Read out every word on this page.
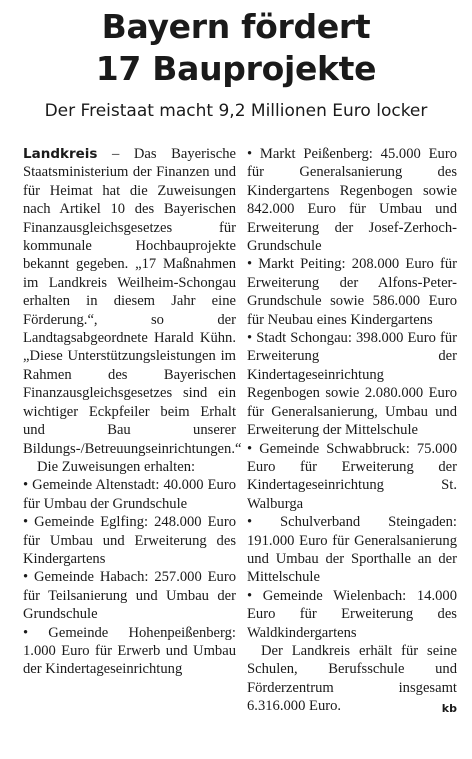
Bayern fördert
17 Bauprojekte
Der Freistaat macht 9,2 Millionen Euro locker

Landkreis – Das Bayerische Staatsministerium der Finanzen und für Heimat hat die Zuweisungen nach Artikel 10 des Bayerischen Finanzausgleichsgesetzes für kommunale Hochbauprojekte bekannt gegeben. „17 Maßnahmen im Landkreis Weilheim-Schongau erhalten in diesem Jahr eine Förderung.“, so der Landtagsabgeordnete Harald Kühn. „Diese Unterstützungsleistungen im Rahmen des Bayerischen Finanzausgleichsgesetzes sind ein wichtiger Eckpfeiler beim Erhalt und Bau unserer Bildungs-/Betreuungseinrichtungen.“

Die Zuweisungen erhalten:

• Gemeinde Altenstadt: 40.000 Euro für Umbau der Grundschule

• Gemeinde Eglfing: 248.000 Euro für Umbau und Erweiterung des Kindergartens

• Gemeinde Habach: 257.000 Euro für Teilsanierung und Umbau der Grundschule

• Gemeinde Hohenpeißenberg: 1.000 Euro für Erwerb und Umbau der Kindertageseinrichtung

• Markt Peißenberg: 45.000 Euro für Generalsanierung des Kindergartens Regenbogen sowie 842.000 Euro für Umbau und Erweiterung der Josef-Zerhoch-Grundschule

• Markt Peiting: 208.000 Euro für Erweiterung der Alfons-Peter-Grundschule sowie 586.000 Euro für Neubau eines Kindergartens

• Stadt Schongau: 398.000 Euro für Erweiterung der Kindertageseinrichtung Regenbogen sowie 2.080.000 Euro für Generalsanierung, Umbau und Erweiterung der Mittelschule

• Gemeinde Schwabbruck: 75.000 Euro für Erweiterung der Kindertageseinrichtung St. Walburga

• Schulverband Steingaden: 191.000 Euro für Generalsanierung und Umbau der Sporthalle an der Mittelschule

• Gemeinde Wielenbach: 14.000 Euro für Erweiterung des Waldkindergartens

Der Landkreis erhält für seine Schulen, Berufsschule und Förderzentrum insgesamt 6.316.000 Euro.	kb
